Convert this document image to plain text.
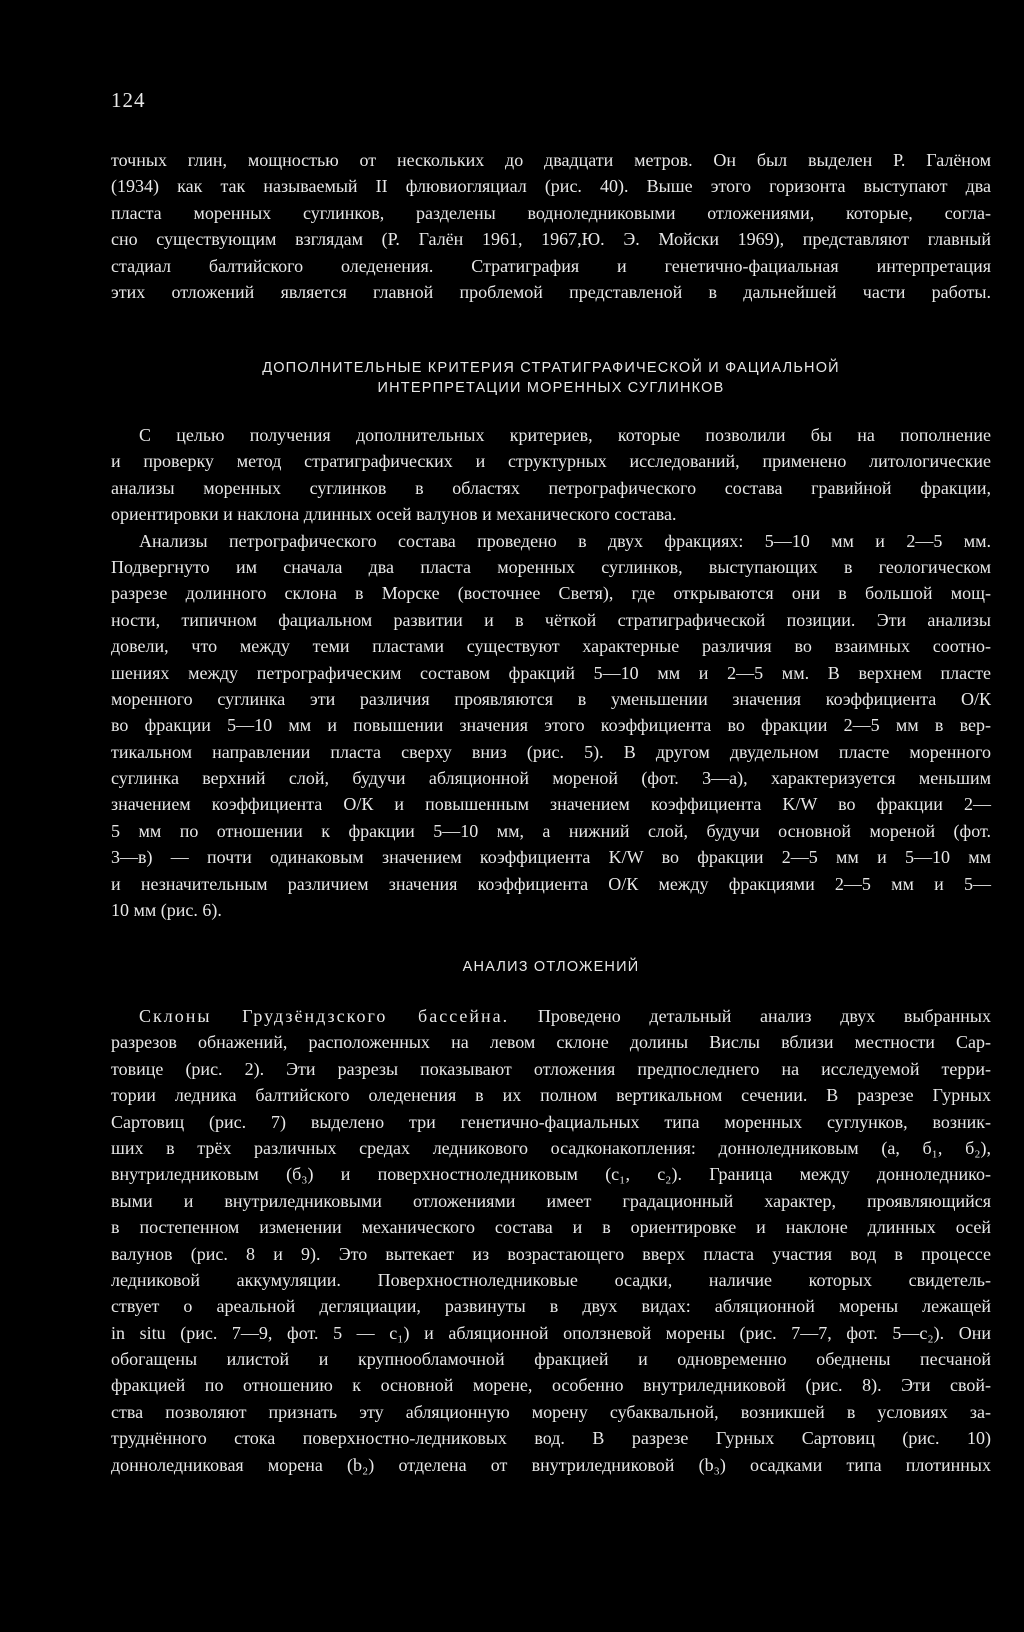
124
точных глин, мощностью от нескольких до двадцати метров. Он был выделен Р. Галёном
(1934) как так называемый II флювиогляциал (рис. 40). Выше этого горизонта выступают два
пласта моренных суглинков, разделены водноледниковыми отложениями, которые, согла-
сно существующим взглядам (Р. Галён 1961, 1967,Ю. Э. Мойски 1969), представляют главный
стадиал балтийского оледенения. Стратиграфия и генетично-фациальная интерпретация
этих отложений является главной проблемой представленой в дальнейшей части работы.
ДОПОЛНИТЕЛЬНЫЕ КРИТЕРИЯ СТРАТИГРАФИЧЕСКОЙ И ФАЦИАЛЬНОЙ
ИНТЕРПРЕТАЦИИ МОРЕННЫХ СУГЛИНКОВ
С целью получения дополнительных критериев, которые позволили бы на пополнение
и проверку метод стратиграфических и структурных исследований, применено литологические
анализы моренных суглинков в областях петрографического состава гравийной фракции,
ориентировки и наклона длинных осей валунов и механического состава.
Анализы петрографического состава проведено в двух фракциях: 5—10 мм и 2—5 мм.
Подвергнуто им сначала два пласта моренных суглинков, выступающих в геологическом
разрезе долинного склона в Морске (восточнее Светя), где открываются они в большой мощ-
ности, типичном фациальном развитии и в чёткой стратиграфической позиции. Эти анализы
довели, что между теми пластами существуют характерные различия во взаимных соотно-
шениях между петрографическим составом фракций 5—10 мм и 2—5 мм. В верхнем пласте
моренного суглинка эти различия проявляются в уменьшении значения коэффициента О/К
во фракции 5—10 мм и повышении значения этого коэффициента во фракции 2—5 мм в вер-
тикальном направлении пласта сверху вниз (рис. 5). В другом двудельном пласте моренного
суглинка верхний слой, будучи абляционной мореной (фот. 3—а), характеризуется меньшим
значением коэффициента О/К и повышенным значением коэффициента K/W во фракции 2—
5 мм по отношении к фракции 5—10 мм, а нижний слой, будучи основной мореной (фот.
3—в) — почти одинаковым значением коэффициента K/W во фракции 2—5 мм и 5—10 мм
и незначительным различием значения коэффициента О/К между фракциями 2—5 мм и 5—
10 мм (рис. 6).
АНАЛИЗ ОТЛОЖЕНИЙ
Склоны Грудзёндзского бассейна. Проведено детальный анализ двух выбранных
разрезов обнажений, расположенных на левом склоне долины Вислы вблизи местности Сар-
товице (рис. 2). Эти разрезы показывают отложения предпоследнего на исследуемой терри-
тории ледника балтийского оледенения в их полном вертикальном сечении. В разрезе Гурных
Сартовиц (рис. 7) выделено три генетично-фациальных типа моренных суглунков, возник-
ших в трёх различных средах ледникового осадконакопления: донноледниковым (а, б₁, б₂),
внутриледниковым (б₃) и поверхностноледниковым (с₁, с₂). Граница между донноледнико-
выми и внутриледниковыми отложениями имеет градационный характер, проявляющийся
в постепенном изменении механического состава и в ориентировке и наклоне длинных осей
валунов (рис. 8 и 9). Это вытекает из возрастающего вверх пласта участия вод в процессе
ледниковой аккумуляции. Поверхностноледниковые осадки, наличие которых свидетель-
ствует о ареальной дегляциации, развинуты в двух видах: абляционной морены лежащей
in situ (рис. 7—9, фот. 5 — с₁) и абляционной оползневой морены (рис. 7—7, фот. 5—с₂). Они
обогащены илистой и крупнообламочной фракцией и одновременно обеднены песчаной
фракцией по отношению к основной морене, особенно внутриледниковой (рис. 8). Эти свой-
ства позволяют признать эту абляционную морену субаквальной, возникшей в условиях за-
труднённого стока поверхностно-ледниковых вод. В разрезе Гурных Сартовиц (рис. 10)
донноледниковая морена (b₂) отделена от внутриледниковой (b₃) осадками типа плотинных
